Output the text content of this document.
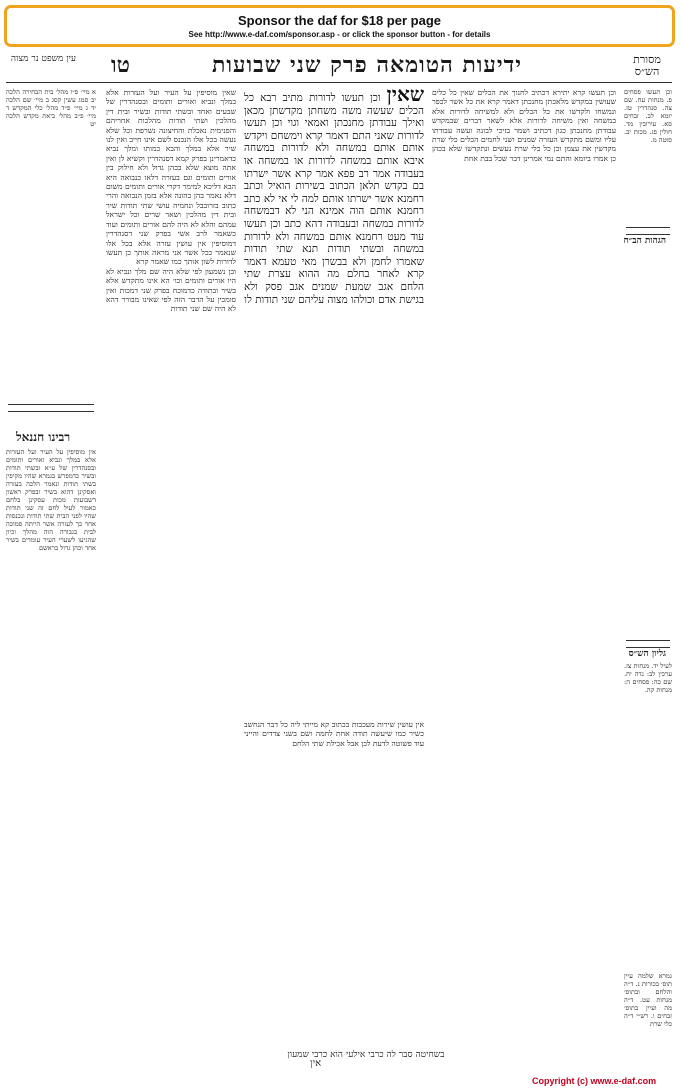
Sponsor the daf for $18 per page
See http://www.e-daf.com/sponsor.asp - or click the sponsor button - for details
מסורת הש״ס
ידיעות הטומאה פרק שני שבועות
טו
עין משפט נר מצוה
וכן תעשו פסחים פ. מנחות עח. שם צה. סנהדרין טז. יומא לב. זבחים סא. עירובין מד. חולין פג. מכות יב. סוטה מ.
הגהות הב״ח
לעיל יד. מנחות צז. ערכין לב: נדה יח. שם כה: פסחים ה: מנחות קה.
גליון הש״ס
וכן תעשו קרא יתירא דכתיב לחנוך את הכלים שאין כל כלים שעושין במקדש מלאכתן מחנכתן דאמר קרא את כל אשר לכפר ונמשחו ולקדשו את כל הכלים ולא למשיחה לדורות אלא במשחה ואין משיחה לדורות אלא לשאר דברים שבמקדש עבודתן מחנכתן כגון דכתיב ושמר בזיכי לבונה ועשה עבודתו עליו ומשם מתקדש העזרה שמנים ושני לחמים הכלים כלי שרת מקדשין את עצמן וכן כל כלי שרת נעשים ונתקדשו שלא בכהן כן אמרו ביומא והתם נמי אמרינן דבר שכל בבת אחת
שאין וכן תעשו לדורות מתיב רבא כל הכלים שעשה משה משחתן מקדשתן מכאן ואילך עבודתן מחנכתן ואמאי וגוי וכן תעשו לדורות שאני התם דאמר קרא וימשחם ויקדש אותם אותם במשחה ולא לדורות במשחה איבא אותם במשחה לדורות או במשחה או בעבודה אמר רב פפא אמר קרא אשר ישרתו בם בקדש תלאן הכתוב בשירות הואיל וכתב רחמנא אשר ישרתו אותם למה לי אי לא כתב רחמנא אותם הוה אמינא הני לא דבמשחה לדורות במשחה ובעבודה דהא כתב וכן תעשו עוד מעט רחמנא אותם במשחה ולא לדורות במשחה ובשתי תודות תנא שתי תודות שאמרו לחמן ולא בבשרן מאי טעמא דאמר קרא לאחר בחלם מה ההוא עצרת שתי הלחם אגב שמעת שמנים אגב פסק ולא בגישת אדם וכולהו מצוה עליהם שני תודות לו
שאין מוסיפין על העיר ועל העזרות אלא במלך ונביא ואורים ותומים ובסנהדרין של שבעים ואחד ובשתי תודות ובשיר ובית דין מהלכין ושתי תודות מהלכות אחריהם והפנימית נאכלת והחיצונה נשרפת וכל שלא נעשה בכל אלו הנכנס לשם אינו חייב ואין לנו שיר אלא במלך והבא כמותו ומלך נביא כדאמרינן בפרק קמא דסנהדרין וקשיא לן ואין אתה מוצא שלא בכהן גדול ולא חילוק בין אורים ותומים וגם בעזרה דלאו כנבואה היא הבא דליכא למימר דקרי אורים ותומים משום דלא נאמר בהן כהונה אלא בזמן הנבואה והרי כתוב בזרובבל ונחמיה עושי שתי תודות שיר ובית דין מהלכין ושאר שרים וכל ישראל עמהם והלא לא היה להם אורים ותומים ועוד כשאמר לרב אשי בפרק שני דסנהדרין דמוסיפין אין עושין עזרה אלא בכל אלו שנאמר ככל אשר אני מראה אותך כן תעשו לדורות לשון אותך כמו שאמר קרא
ובן נשמעון לפי שלא היה שם מלך ונביא לא היו אורים ותומים וכו׳ הא אינו מתקדש אלא בשיר ובתודה כדמוכח בפרק שני דמכות ואין סומכין על הדבר הזה לפי שאינו מבורר דהא לא היה שם שני תודות
א מיי׳ פ״ו מהל׳ בית הבחירה הלכה יב סמג עשין קסג ב מיי׳ שם הלכה יד ג מיי׳ פ״ד מהל׳ כלי המקדש ד מיי׳ פ״ב מהל׳ ביאת מקדש הלכה יט
רבינו חננאל
אין מוסיפין על העיר ועל העזרות אלא במלך ונביא ואורים ותומים ובסנהדרין של ע״א ובשתי תודות ובשיר כדמפרש בגמרא שהיו מקיפין בשתי תודות ונאמר הלכה בעזרה ואסקינן דהוא בשיר ובפרק ראשון דשבועות מכות עסקינן בלחם כאמור לעיל לחם זה שני תודות שהיו לפני הבית שתי תודות ונכנסות אחר כך לעזרה אשר הייתה סמוכה לבית בגבורה הוה מהלך וכיון שהגיעו לשערי העיר עומדים בשיר אחד וכהן גדול בראשם
אין עושין שירות מעכבות בכתוב קא מייתי ליה כל דבר הנחשב כשיר כמו שיעשה תודה אחת לחמה ושם בשני צדדים והייני עוד פשוטה לדעת לכן אבל אכילת שתי הלחם
בשחיטה סבר לה כרבי אילעי הוא כרבי שמעון
גמרא שלמה עיין תוס׳ בכורות נ. ד״ה והלחם ובתוס׳ מנחות עט. ד״ה מה ועיין בתוס׳ זבחים ו. רש״י ד״ה כלי שרת
אין
Copyright (c) www.e-daf.com
